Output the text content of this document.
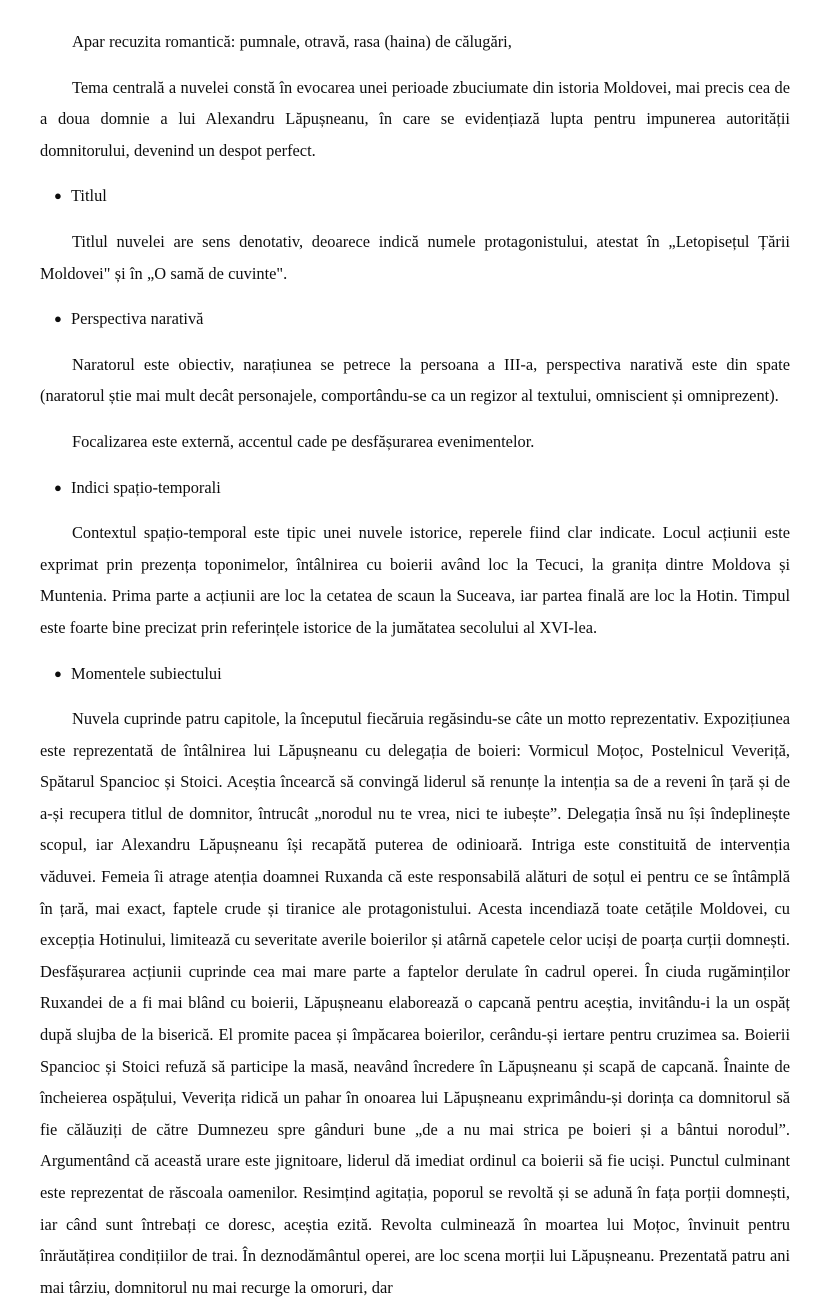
Apar recuzita romantică: pumnale, otravă, rasa (haina) de călugări,

Tema centrală a nuvelei constă în evocarea unei perioade zbuciumate din istoria Moldovei, mai precis cea de a doua domnie a lui Alexandru Lăpușneanu, în care se evidențiază lupta pentru impunerea autorității domnitorului, devenind un despot perfect.

● Titlul

Titlul nuvelei are sens denotativ, deoarece indică numele protagonistului, atestat în „Letopisețul Țării Moldovei" și în „O samă de cuvinte".

● Perspectiva narativă

Naratorul este obiectiv, narațiunea se petrece la persoana a III-a, perspectiva narativă este din spate (naratorul știe mai mult decât personajele, comportându-se ca un regizor al textului, omniscient și omniprezent).

Focalizarea este externă, accentul cade pe desfășurarea evenimentelor.

● Indici spațio-temporali

Contextul spațio-temporal este tipic unei nuvele istorice, reperele fiind clar indicate. Locul acțiunii este exprimat prin prezența toponimelor, întâlnirea cu boierii având loc la Tecuci, la granița dintre Moldova și Muntenia. Prima parte a acțiunii are loc la cetatea de scaun la Suceava, iar partea finală are loc la Hotin. Timpul este foarte bine precizat prin referințele istorice de la jumătatea secolului al XVI-lea.

● Momentele subiectului

Nuvela cuprinde patru capitole, la începutul fiecăruia regăsindu-se câte un motto reprezentativ. Expozițiunea este reprezentată de întâlnirea lui Lăpușneanu cu delegația de boieri: Vormicul Moțoc, Postelnicul Veveriță, Spătarul Spancioc și Stoici. Aceștia încearcă să convingă liderul să renunțe la intenția sa de a reveni în țară și de a-și recupera titlul de domnitor, întrucât „norodul nu te vrea, nici te iubește”. Delegația însă nu își îndeplinește scopul, iar Alexandru Lăpușneanu își recapătă puterea de odinioară. Intriga este constituită de intervenția văduvei. Femeia îi atrage atenția doamnei Ruxanda că este responsabilă alături de soțul ei pentru ce se întâmplă în țară, mai exact, faptele crude și tiranice ale protagonistului. Acesta incendiază toate cetățile Moldovei, cu excepția Hotinului, limitează cu severitate averile boierilor și atârnă capetele celor uciși de poarța curții domnești. Desfășurarea acțiunii cuprinde cea mai mare parte a faptelor derulate în cadrul operei. În ciuda rugăminților Ruxandei de a fi mai blând cu boierii, Lăpușneanu elaborează o capcană pentru aceștia, invitându-i la un ospăț după slujba de la biserică. El promite pacea și împăcarea boierilor, cerându-și iertare pentru cruzimea sa. Boierii Spancioc și Stoici refuză să participe la masă, neavând încredere în Lăpușneanu și scapă de capcană. Înainte de încheierea ospățului, Veverița ridică un pahar în onoarea lui Lăpușneanu exprimându-și dorința ca domnitorul să fie călăuziți de către Dumnezeu spre gânduri bune „de a nu mai strica pe boieri și a bântui norodul”. Argumentând că această urare este jignitoare, liderul dă imediat ordinul ca boierii să fie uciși. Punctul culminant este reprezentat de răscoala oamenilor. Resimțind agitația, poporul se revoltă și se adună în fața porții domnești, iar când sunt întrebați ce doresc, aceștia ezită. Revolta culminează în moartea lui Moțoc, învinuit pentru înrăutățirea condițiilor de trai. În deznodământul operei, are loc scena morții lui Lăpușneanu. Prezentată patru ani mai târziu, domnitorul nu mai recurge la omoruri, dar
